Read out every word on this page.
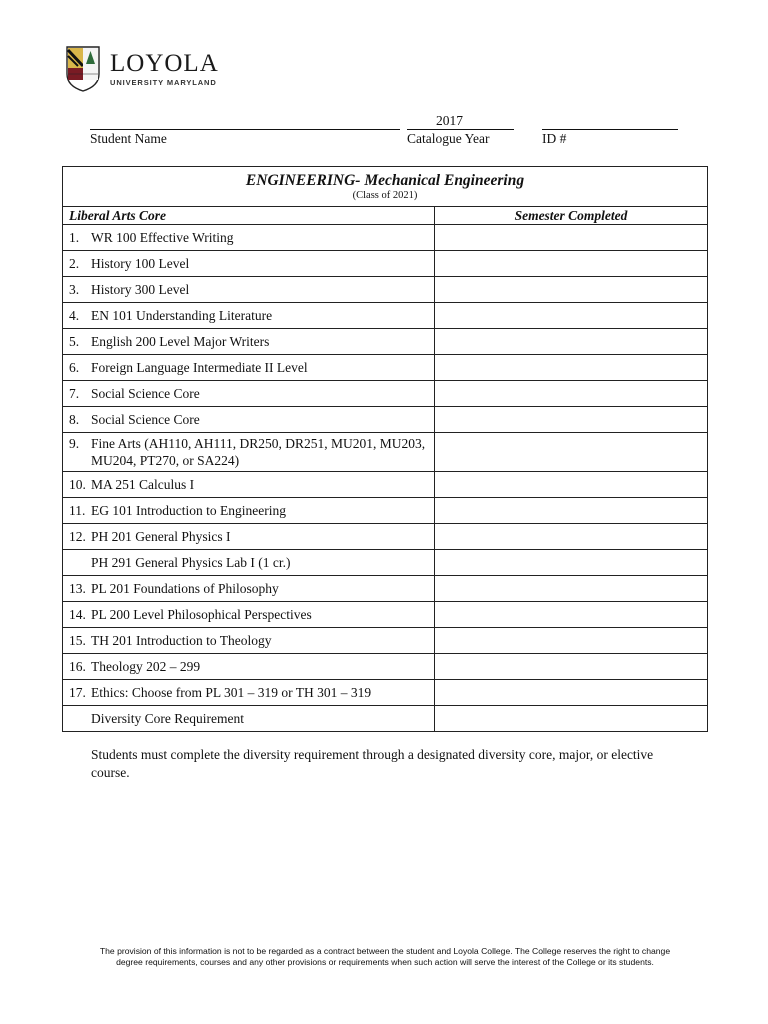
LOYOLA
UNIVERSITY MARYLAND
Student Name
2017
Catalogue Year	ID #
ENGINEERING- Mechanical Engineering
(Class of 2021)	

Liberal Arts Core	Semester Completed
1. WR 100 Effective Writing	
2. History 100 Level	
3. History 300 Level	
4. EN 101 Understanding Literature	
5. English 200 Level Major Writers	
6. Foreign Language Intermediate II Level	
7. Social Science Core	
8. Social Science Core	
9. Fine Arts (AH110, AH111, DR250, DR251, MU201, MU203, MU204, PT270, or SA224)	
10. MA 251 Calculus I	
11. EG 101 Introduction to Engineering	
12. PH 201 General Physics I	
PH 291 General Physics Lab I (1 cr.)	
13. PL 201 Foundations of Philosophy	
14. PL 200 Level Philosophical Perspectives	
15. TH 201 Introduction to Theology	
16. Theology 202 – 299	
17. Ethics: Choose from PL 301 – 319 or TH 301 – 319	
Diversity Core Requirement	
Students must complete the diversity requirement through a designated diversity core, major, or elective course.
The provision of this information is not to be regarded as a contract between the student and Loyola College. The College reserves the right to change
degree requirements, courses and any other provisions or requirements when such action will serve the interest of the College or its students.
